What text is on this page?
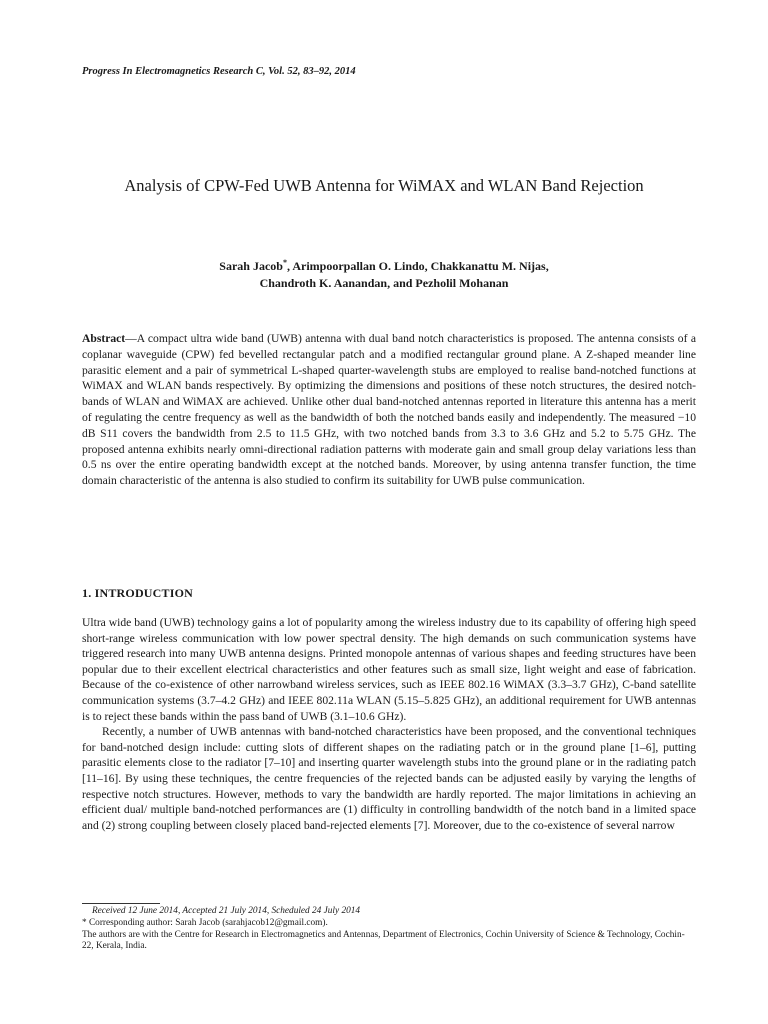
Progress In Electromagnetics Research C, Vol. 52, 83–92, 2014
Analysis of CPW-Fed UWB Antenna for WiMAX and WLAN Band Rejection
Sarah Jacob*, Arimpoorpallan O. Lindo, Chakkanattu M. Nijas,
Chandroth K. Aanandan, and Pezholil Mohanan
Abstract—A compact ultra wide band (UWB) antenna with dual band notch characteristics is proposed. The antenna consists of a coplanar waveguide (CPW) fed bevelled rectangular patch and a modified rectangular ground plane. A Z-shaped meander line parasitic element and a pair of symmetrical L-shaped quarter-wavelength stubs are employed to realise band-notched functions at WiMAX and WLAN bands respectively. By optimizing the dimensions and positions of these notch structures, the desired notch-bands of WLAN and WiMAX are achieved. Unlike other dual band-notched antennas reported in literature this antenna has a merit of regulating the centre frequency as well as the bandwidth of both the notched bands easily and independently. The measured −10 dB S11 covers the bandwidth from 2.5 to 11.5 GHz, with two notched bands from 3.3 to 3.6 GHz and 5.2 to 5.75 GHz. The proposed antenna exhibits nearly omni-directional radiation patterns with moderate gain and small group delay variations less than 0.5 ns over the entire operating bandwidth except at the notched bands. Moreover, by using antenna transfer function, the time domain characteristic of the antenna is also studied to confirm its suitability for UWB pulse communication.
1. INTRODUCTION

Ultra wide band (UWB) technology gains a lot of popularity among the wireless industry due to its capability of offering high speed short-range wireless communication with low power spectral density. The high demands on such communication systems have triggered research into many UWB antenna designs. Printed monopole antennas of various shapes and feeding structures have been popular due to their excellent electrical characteristics and other features such as small size, light weight and ease of fabrication. Because of the co-existence of other narrowband wireless services, such as IEEE 802.16 WiMAX (3.3–3.7 GHz), C-band satellite communication systems (3.7–4.2 GHz) and IEEE 802.11a WLAN (5.15–5.825 GHz), an additional requirement for UWB antennas is to reject these bands within the pass band of UWB (3.1–10.6 GHz).

Recently, a number of UWB antennas with band-notched characteristics have been proposed, and the conventional techniques for band-notched design include: cutting slots of different shapes on the radiating patch or in the ground plane [1–6], putting parasitic elements close to the radiator [7–10] and inserting quarter wavelength stubs into the ground plane or in the radiating patch [11–16]. By using these techniques, the centre frequencies of the rejected bands can be adjusted easily by varying the lengths of respective notch structures. However, methods to vary the bandwidth are hardly reported. The major limitations in achieving an efficient dual/ multiple band-notched performances are (1) difficulty in controlling bandwidth of the notch band in a limited space and (2) strong coupling between closely placed band-rejected elements [7]. Moreover, due to the co-existence of several narrow

Received 12 June 2014, Accepted 21 July 2014, Scheduled 24 July 2014
* Corresponding author: Sarah Jacob (sarahjacob12@gmail.com).
The authors are with the Centre for Research in Electromagnetics and Antennas, Department of Electronics, Cochin University of Science & Technology, Cochin-22, Kerala, India.
